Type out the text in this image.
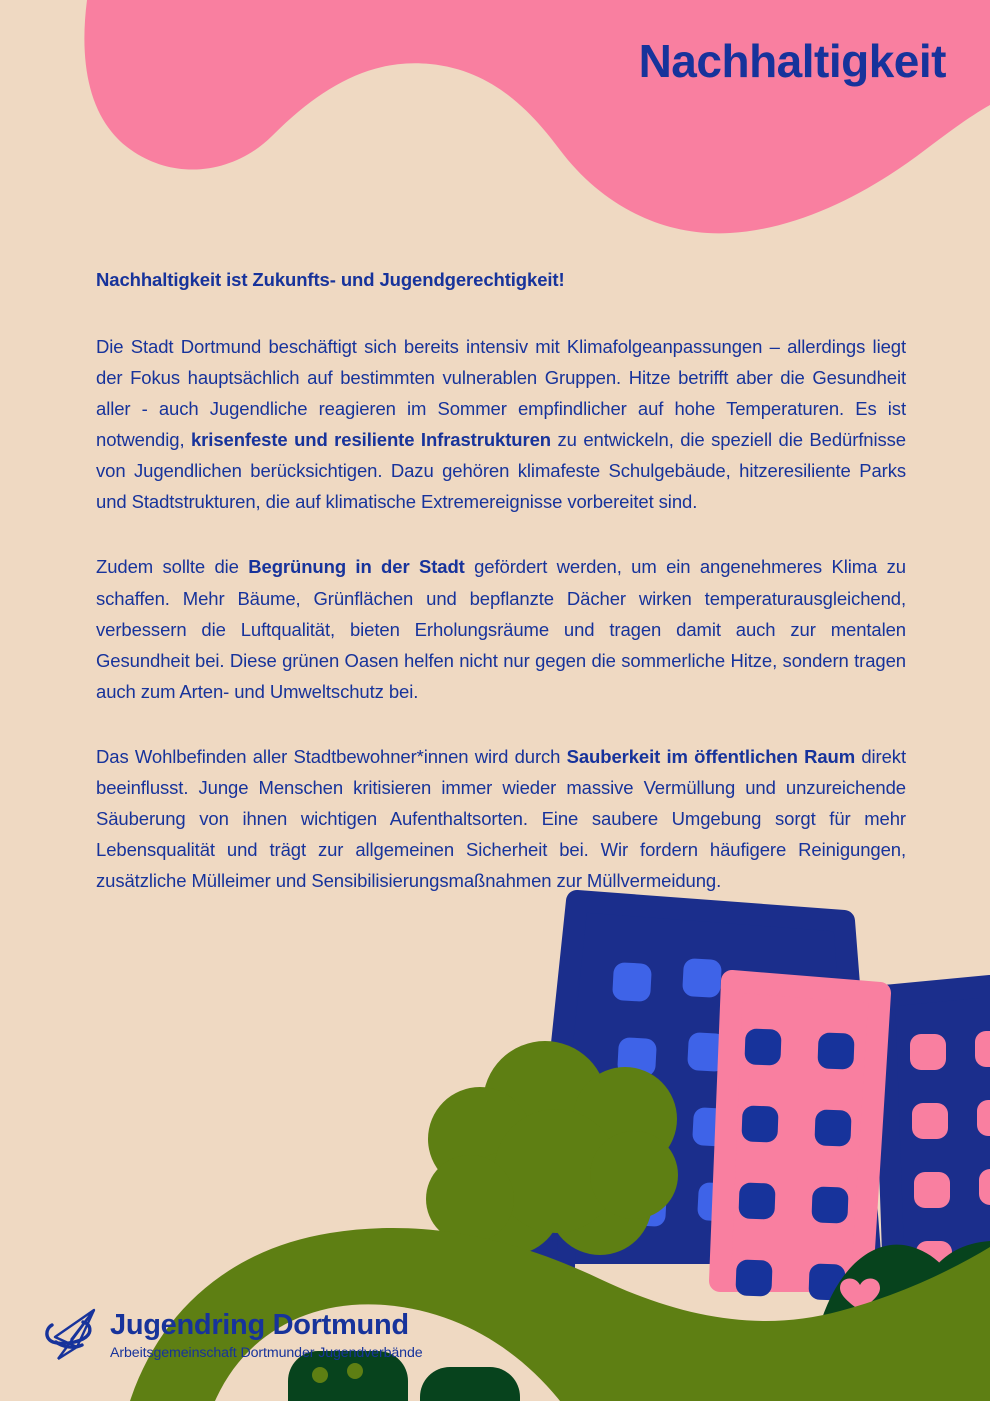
Nachhaltigkeit

Nachhaltigkeit ist Zukunfts- und Jugendgerechtigkeit!

Die Stadt Dortmund beschäftigt sich bereits intensiv mit Klimafolgeanpassungen – allerdings liegt der Fokus hauptsächlich auf bestimmten vulnerablen Gruppen. Hitze betrifft aber die Gesundheit aller - auch Jugendliche reagieren im Sommer empfindlicher auf hohe Temperaturen. Es ist notwendig, krisenfeste und resiliente Infrastrukturen zu entwickeln, die speziell die Bedürfnisse von Jugendlichen berücksichtigen. Dazu gehören klimafeste Schulgebäude, hitzeresiliente Parks und Stadtstrukturen, die auf klimatische Extremereignisse vorbereitet sind.

Zudem sollte die Begrünung in der Stadt gefördert werden, um ein angenehmeres Klima zu schaffen. Mehr Bäume, Grünflächen und bepflanzte Dächer wirken temperaturausgleichend, verbessern die Luftqualität, bieten Erholungsräume und tragen damit auch zur mentalen Gesundheit bei. Diese grünen Oasen helfen nicht nur gegen die sommerliche Hitze, sondern tragen auch zum Arten- und Umweltschutz bei.

Das Wohlbefinden aller Stadtbewohner*innen wird durch Sauberkeit im öffentlichen Raum direkt beeinflusst. Junge Menschen kritisieren immer wieder massive Vermüllung und unzureichende Säuberung von ihnen wichtigen Aufenthaltsorten. Eine saubere Umgebung sorgt für mehr Lebensqualität und trägt zur allgemeinen Sicherheit bei. Wir fordern häufigere Reinigungen, zusätzliche Mülleimer und Sensibilisierungsmaßnahmen zur Müllvermeidung.

Jugendring Dortmund
Arbeitsgemeinschaft Dortmunder Jugendverbände
